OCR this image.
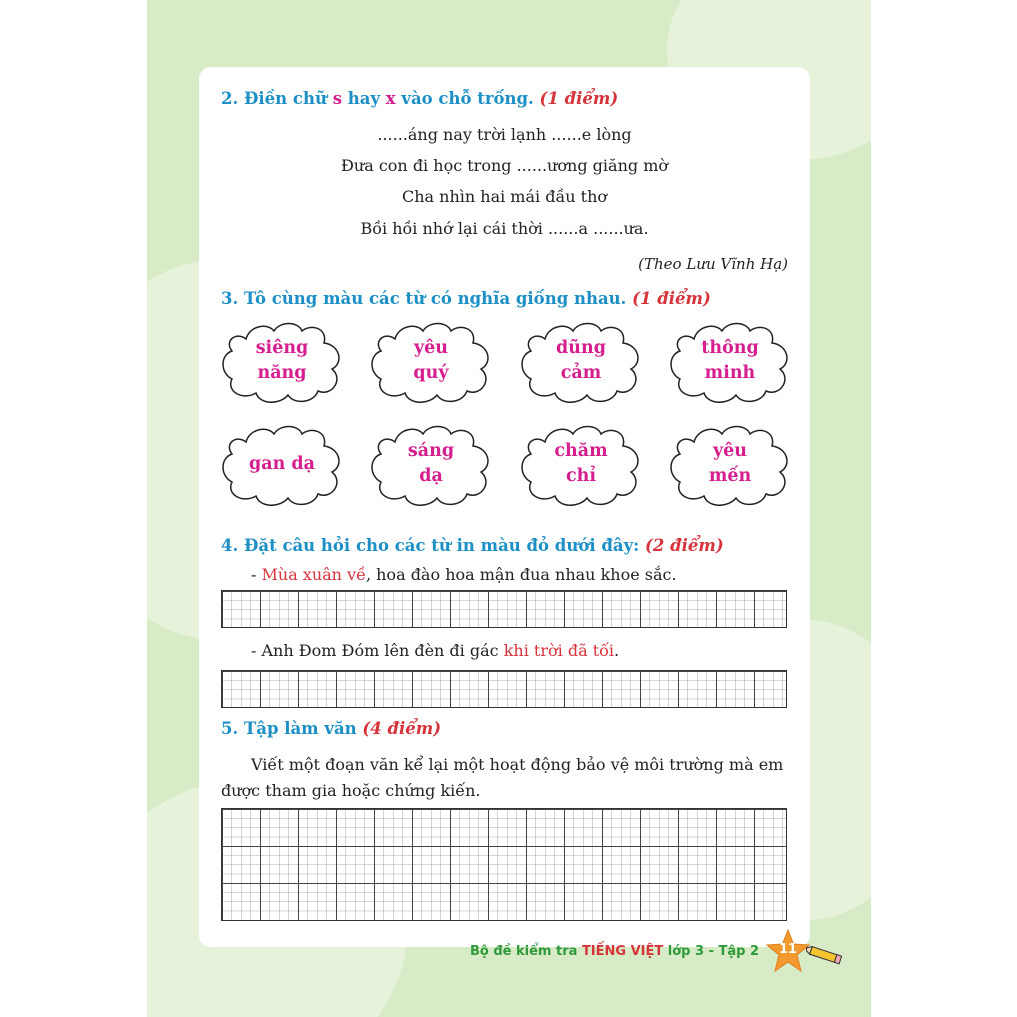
2. Điền chữ s hay x vào chỗ trống. (1 điểm)
......áng nay trời lạnh ......e lòng
Đưa con đi học trong ......ương giăng mờ
Cha nhìn hai mái đầu thơ
Bồi hồi nhớ lại cái thời ......a ......ưa.
(Theo Lưu Vĩnh Hạ)
3. Tô cùng màu các từ có nghĩa giống nhau. (1 điểm)
siêng
năng
yêu
quý
dũng
cảm
thông
minh
gan dạ
sáng
dạ
chăm
chỉ
yêu
mến
4. Đặt câu hỏi cho các từ in màu đỏ dưới đây: (2 điểm)
- Mùa xuân về, hoa đào hoa mận đua nhau khoe sắc.
- Anh Đom Đóm lên đèn đi gác khi trời đã tối.
5. Tập làm văn (4 điểm)
Viết một đoạn văn kể lại một hoạt động bảo vệ môi trường mà em
được tham gia hoặc chứng kiến.
Bộ đề kiểm tra TIẾNG VIỆT lớp 3 - Tập 2	11
